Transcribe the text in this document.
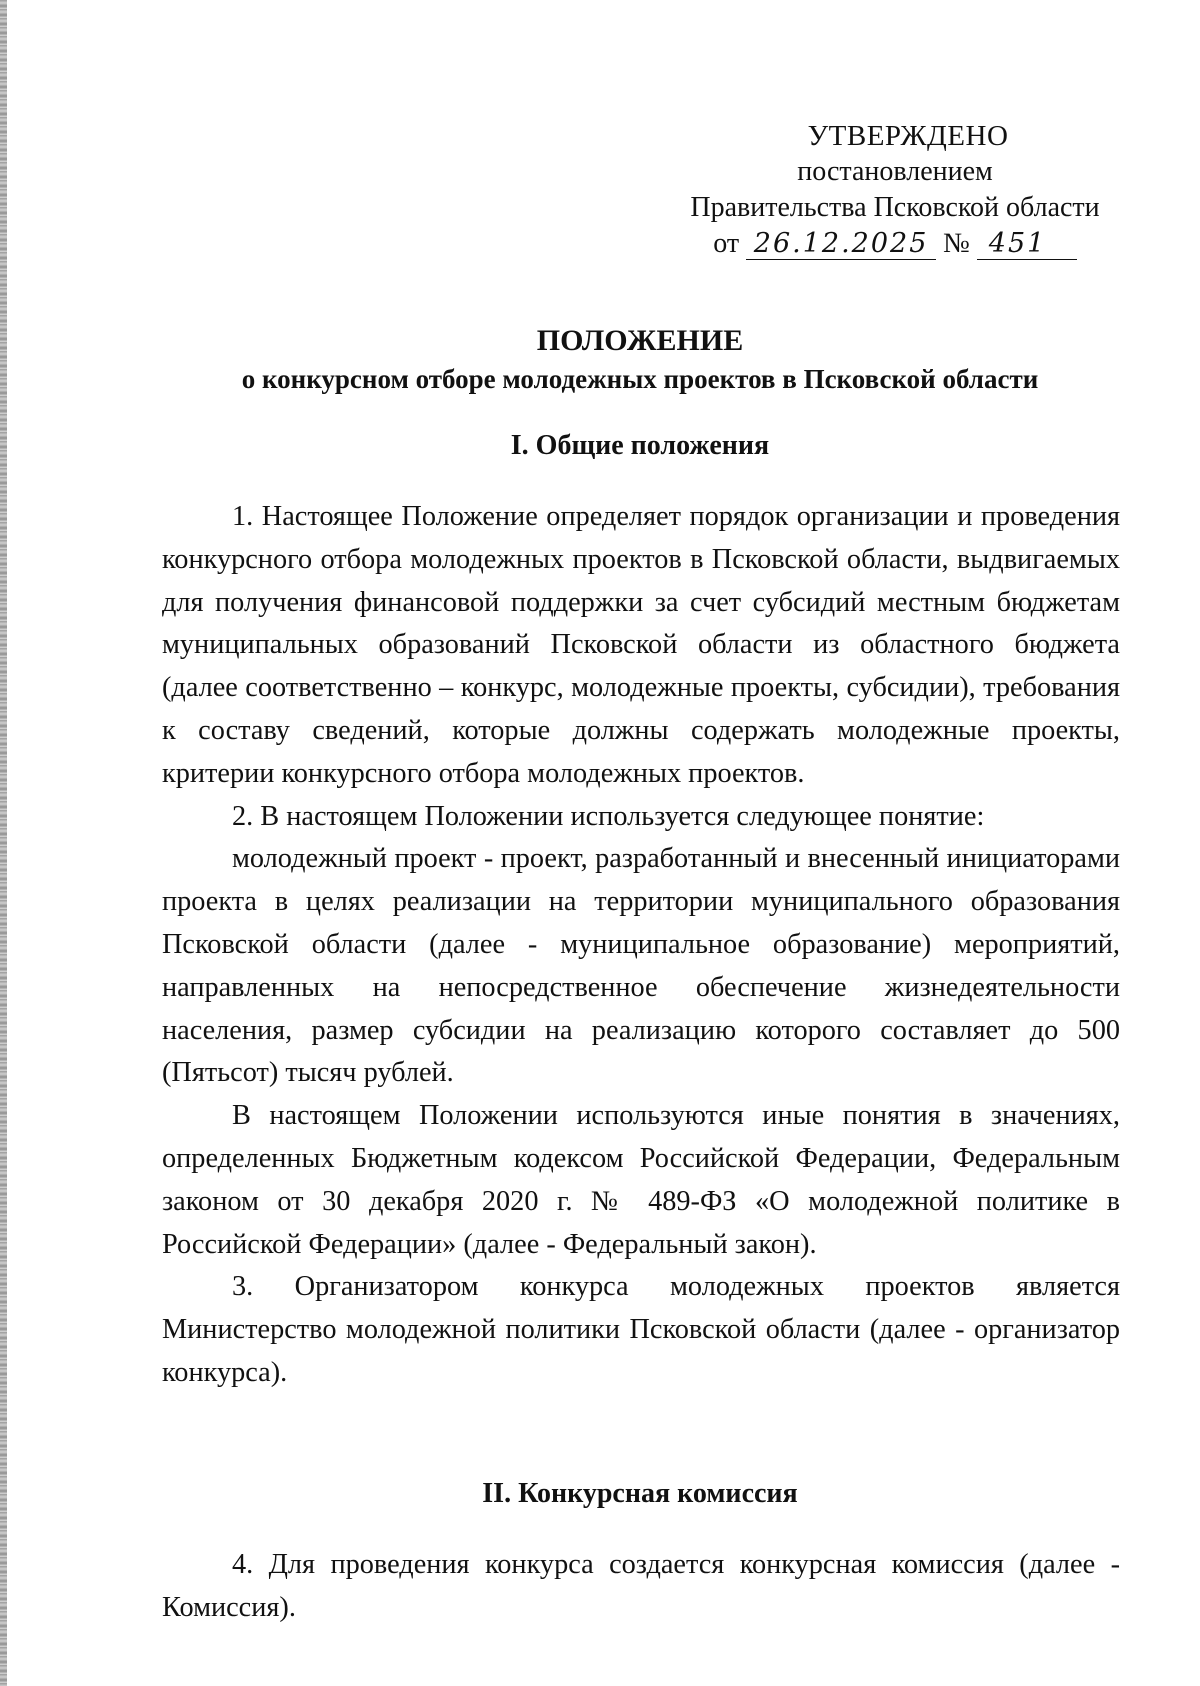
УТВЕРЖДЕНО
постановлением
Правительства Псковской области
от 26.12.2025 № 451

ПОЛОЖЕНИЕ

о конкурсном отборе молодежных проектов в Псковской области

I. Общие положения

1. Настоящее Положение определяет порядок организации и проведения конкурсного отбора молодежных проектов в Псковской области, выдвигаемых для получения финансовой поддержки за счет субсидий местным бюджетам муниципальных образований Псковской области из областного бюджета (далее соответственно – конкурс, молодежные проекты, субсидии), требования к составу сведений, которые должны содержать молодежные проекты, критерии конкурсного отбора молодежных проектов.

2. В настоящем Положении используется следующее понятие:

молодежный проект - проект, разработанный и внесенный инициаторами проекта в целях реализации на территории муниципального образования Псковской области (далее - муниципальное образование) мероприятий, направленных на непосредственное обеспечение жизнедеятельности населения, размер субсидии на реализацию которого составляет до 500 (Пятьсот) тысяч рублей.

В настоящем Положении используются иные понятия в значениях, определенных Бюджетным кодексом Российской Федерации, Федеральным законом от 30 декабря 2020 г. № 489-ФЗ «О молодежной политике в Российской Федерации» (далее - Федеральный закон).

3. Организатором конкурса молодежных проектов является Министерство молодежной политики Псковской области (далее - организатор конкурса).

II. Конкурсная комиссия

4. Для проведения конкурса создается конкурсная комиссия (далее - Комиссия).
